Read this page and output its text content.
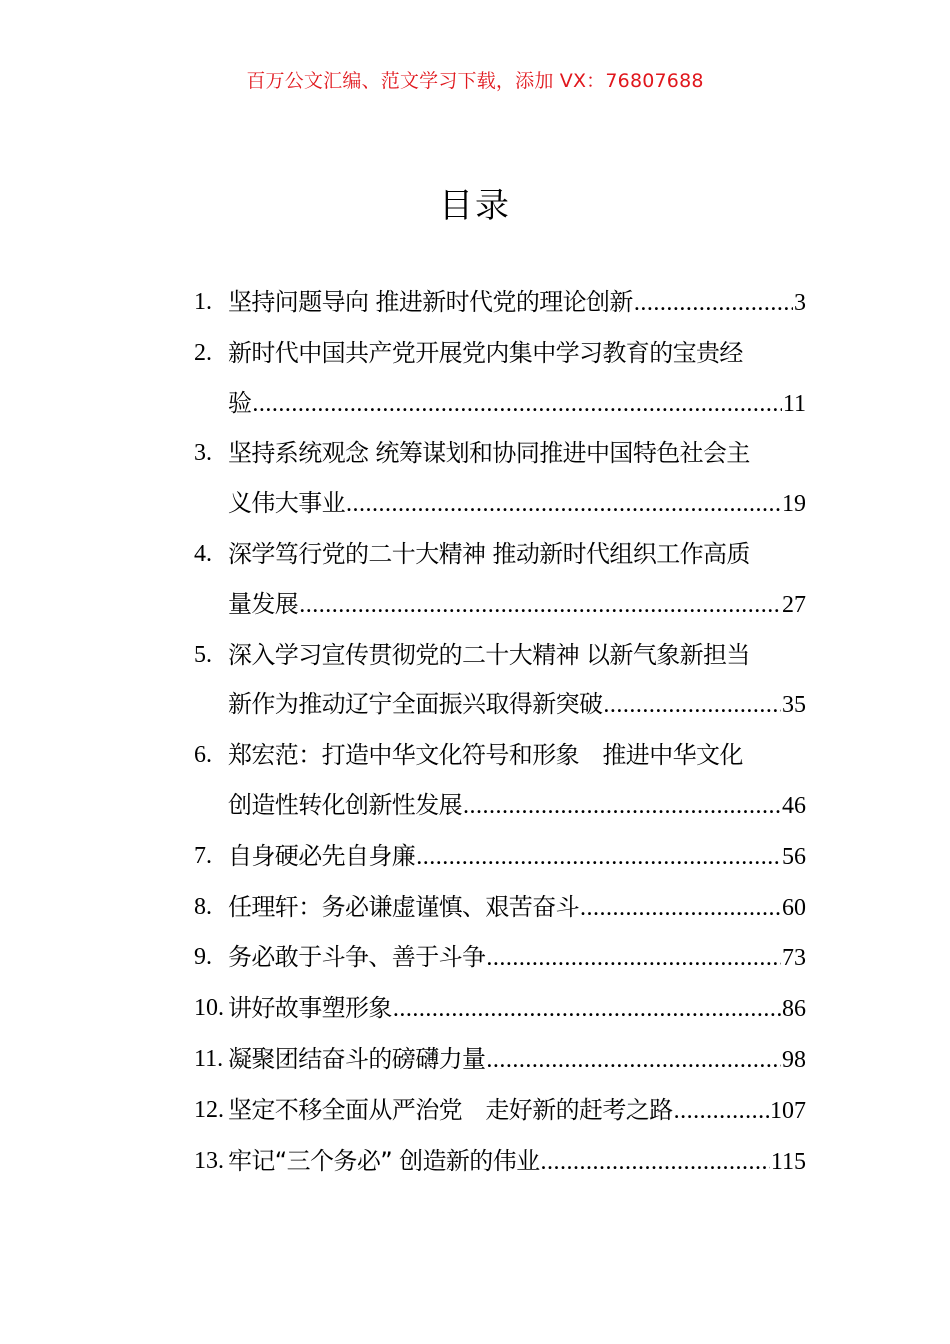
百万公文汇编、范文学习下载，添加 VX：76807688
目录
1. 坚持问题导向 推进新时代党的理论创新 .....	3
2. 新时代中国共产党开展党内集中学习教育的宝贵经
验 .....	11
3. 坚持系统观念 统筹谋划和协同推进中国特色社会主
义伟大事业 .....	19
4. 深学笃行党的二十大精神 推动新时代组织工作高质
量发展 .....	27
5. 深入学习宣传贯彻党的二十大精神 以新气象新担当
新作为推动辽宁全面振兴取得新突破 .....	35
6. 郑宏范：打造中华文化符号和形象　推进中华文化
创造性转化创新性发展 .....	46
7. 自身硬必先自身廉 .....	56
8. 任理轩：务必谦虚谨慎、艰苦奋斗 .....	60
9. 务必敢于斗争、善于斗争 .....	73
10. 讲好故事塑形象 .....	86
11. 凝聚团结奋斗的磅礴力量 .....	98
12. 坚定不移全面从严治党　走好新的赶考之路 .....	107
13. 牢记“三个务必” 创造新的伟业 .....	115
